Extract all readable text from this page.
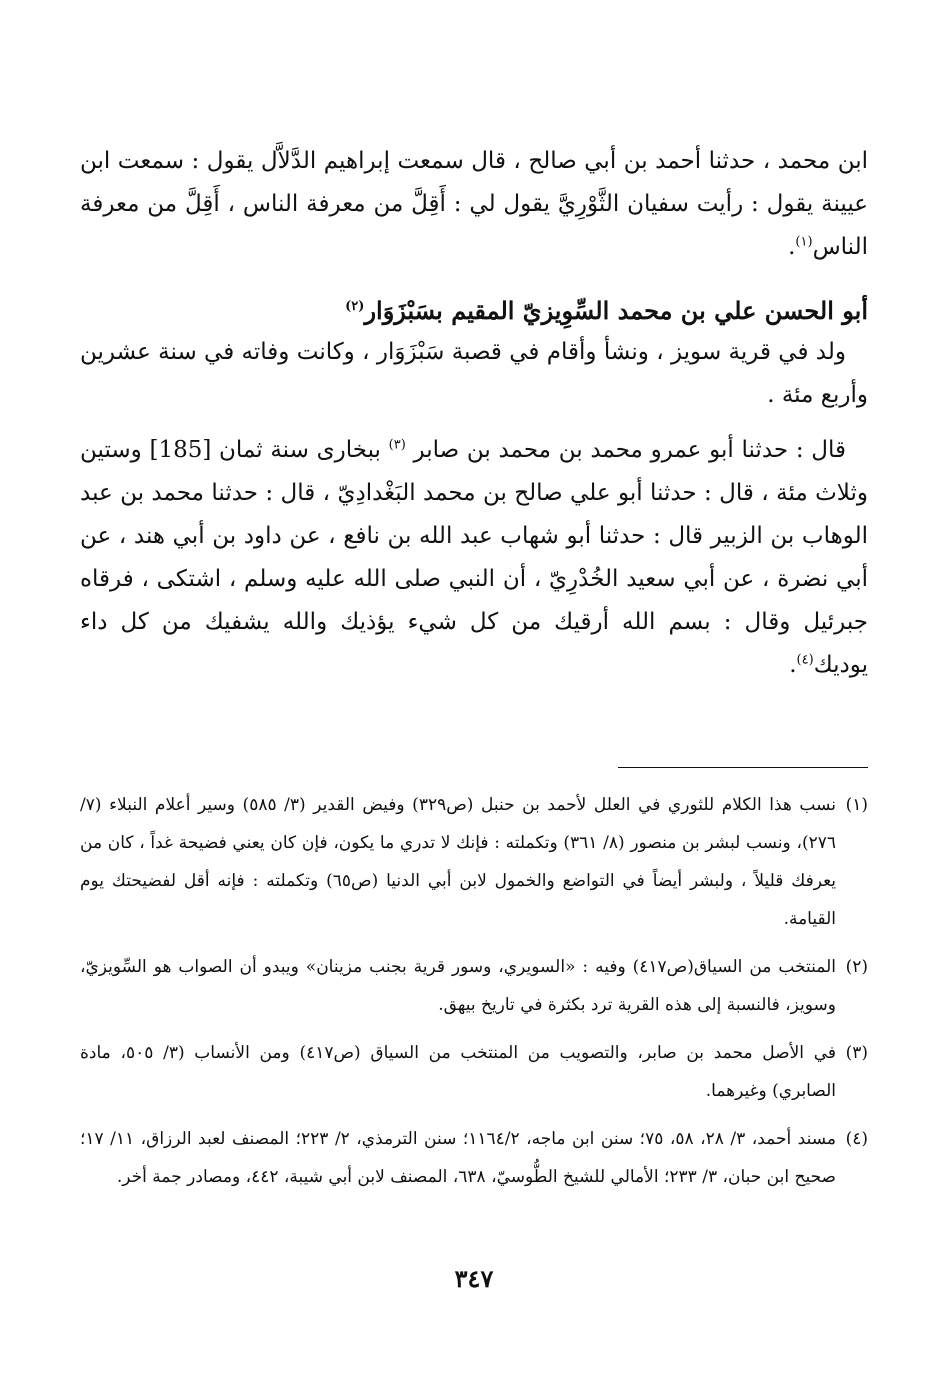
ابن محمد ، حدثنا أحمد بن أبي صالح ، قال سمعت إبراهيم الدَّلاَّل يقول : سمعت ابن عيينة يقول : رأيت سفيان الثَّوْرِيَّ يقول لي : أَقِلَّ من معرفة الناس ، أَقِلَّ من معرفة الناس$^{(١)}$.

أبو الحسن علي بن محمد السِّوِيزيّ المقيم بسَبْزَوَار$^{(٢)}$

ولد في قرية سويز ، ونشأ وأقام في قصبة سَبْزَوَار ، وكانت وفاته في سنة عشرين وأربع مئة .

قال : حدثنا أبو عمرو محمد بن محمد بن صابر $^{(٣)}$ ببخارى سنة ثمان [185] وستين وثلاث مئة ، قال : حدثنا أبو علي صالح بن محمد البَغْدادِيّ ، قال : حدثنا محمد بن عبد الوهاب بن الزبير قال : حدثنا أبو شهاب عبد الله بن نافع ، عن داود بن أبي هند ، عن أبي نضرة ، عن أبي سعيد الخُدْرِيّ ، أن النبي صلى الله عليه وسلم ، اشتكى ، فرقاه جبرئيل وقال : بسم الله أرقيك من كل شيء يؤذيك والله يشفيك من كل داء يوديك$^{(٤)}$.

(١)
نسب هذا الكلام للثوري في العلل لأحمد بن حنبل (ص٣٢٩) وفيض القدير (٣/ ٥٨٥) وسير أعلام النبلاء (٧/ ٢٧٦)، ونسب لبشر بن منصور (٨/ ٣٦١) وتكملته : فإنك لا تدري ما يكون، فإن كان يعني فضيحة غداً ، كان من يعرفك قليلاً ، ولبشر أيضاً في التواضع والخمول لابن أبي الدنيا (ص٦٥) وتكملته : فإنه أقل لفضيحتك يوم القيامة.
(٢)
المنتخب من السياق(ص٤١٧) وفيه : «السويري، وسور قرية بجنب مزينان» ويبدو أن الصواب هو السِّويزيّ، وسويز، فالنسبة إلى هذه القرية ترد بكثرة في تاريخ بيهق.
(٣)
في الأصل محمد بن صابر، والتصويب من المنتخب من السياق (ص٤١٧) ومن الأنساب (٣/ ٥٠٥، مادة الصابري) وغيرهما.
(٤)
مسند أحمد، ٣/ ٢٨، ٥٨، ٧٥؛ سنن ابن ماجه، ١١٦٤/٢؛ سنن الترمذي، ٢/ ٢٢٣؛ المصنف لعبد الرزاق، ١١/ ١٧؛ صحيح ابن حبان، ٣/ ٢٣٣؛ الأمالي للشيخ الطُّوسيّ، ٦٣٨، المصنف لابن أبي شيبة، ٤٤٢، ومصادر جمة أخر.
٣٤٧
